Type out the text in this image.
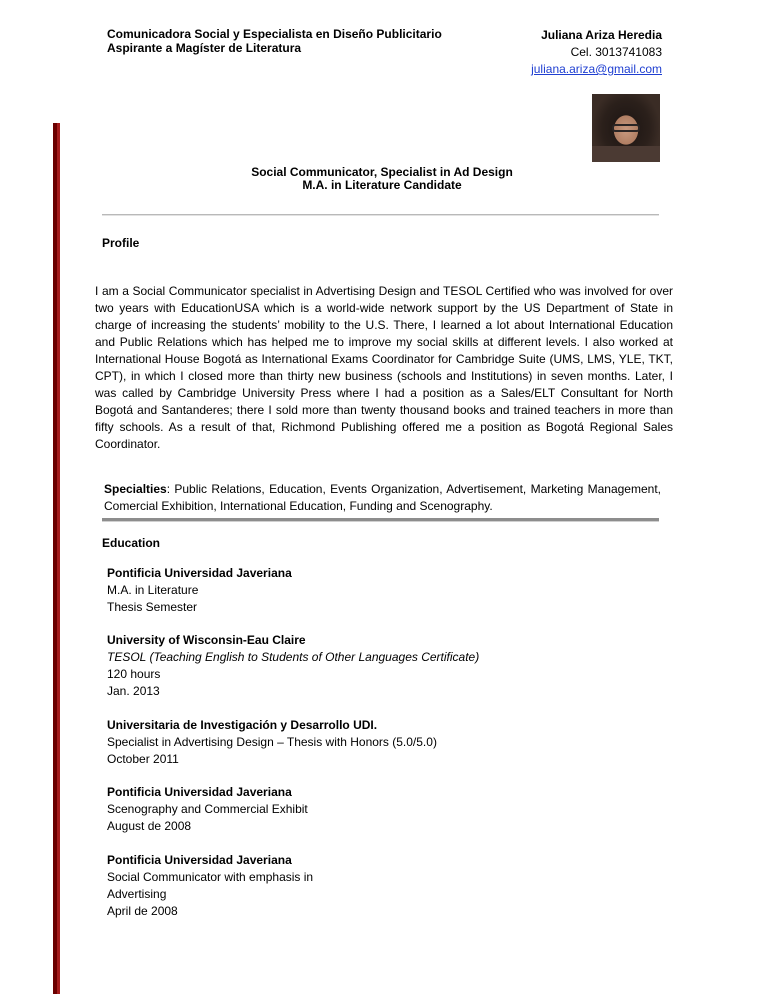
Comunicadora Social y Especialista en Diseño Publicitario
Aspirante a Magíster de Literatura
Juliana Ariza Heredia
Cel. 3013741083
juliana.ariza@gmail.com
Social Communicator, Specialist in Ad Design
M.A. in Literature Candidate
Profile
I am a Social Communicator specialist in Advertising Design and TESOL Certified who was involved for over two years with EducationUSA which is a world-wide network support by the US Department of State in charge of increasing the students’ mobility to the U.S. There, I learned a lot about International Education and Public Relations which has helped me to improve my social skills at different levels. I also worked at International House Bogotá as International Exams Coordinator for Cambridge Suite (UMS, LMS, YLE, TKT, CPT), in which I closed more than thirty new business (schools and Institutions) in seven months. Later, I was called by Cambridge University Press where I had a position as a Sales/ELT Consultant for North Bogotá and Santanderes; there I sold more than twenty thousand books and trained teachers in more than fifty schools. As a result of that, Richmond Publishing offered me a position as Bogotá Regional Sales Coordinator.
Specialties: Public Relations, Education, Events Organization, Advertisement, Marketing Management, Comercial Exhibition, International Education, Funding and Scenography.
Education
Pontificia Universidad Javeriana
M.A. in Literature
Thesis Semester
University of Wisconsin-Eau Claire
TESOL (Teaching English to Students of Other Languages Certificate)
120 hours
Jan. 2013
Universitaria de Investigación y Desarrollo UDI.
Specialist in Advertising Design – Thesis with Honors (5.0/5.0)
October 2011
Pontificia Universidad Javeriana
Scenography and Commercial Exhibit
August de 2008
Pontificia Universidad Javeriana
Social Communicator with emphasis in
Advertising
April de 2008
